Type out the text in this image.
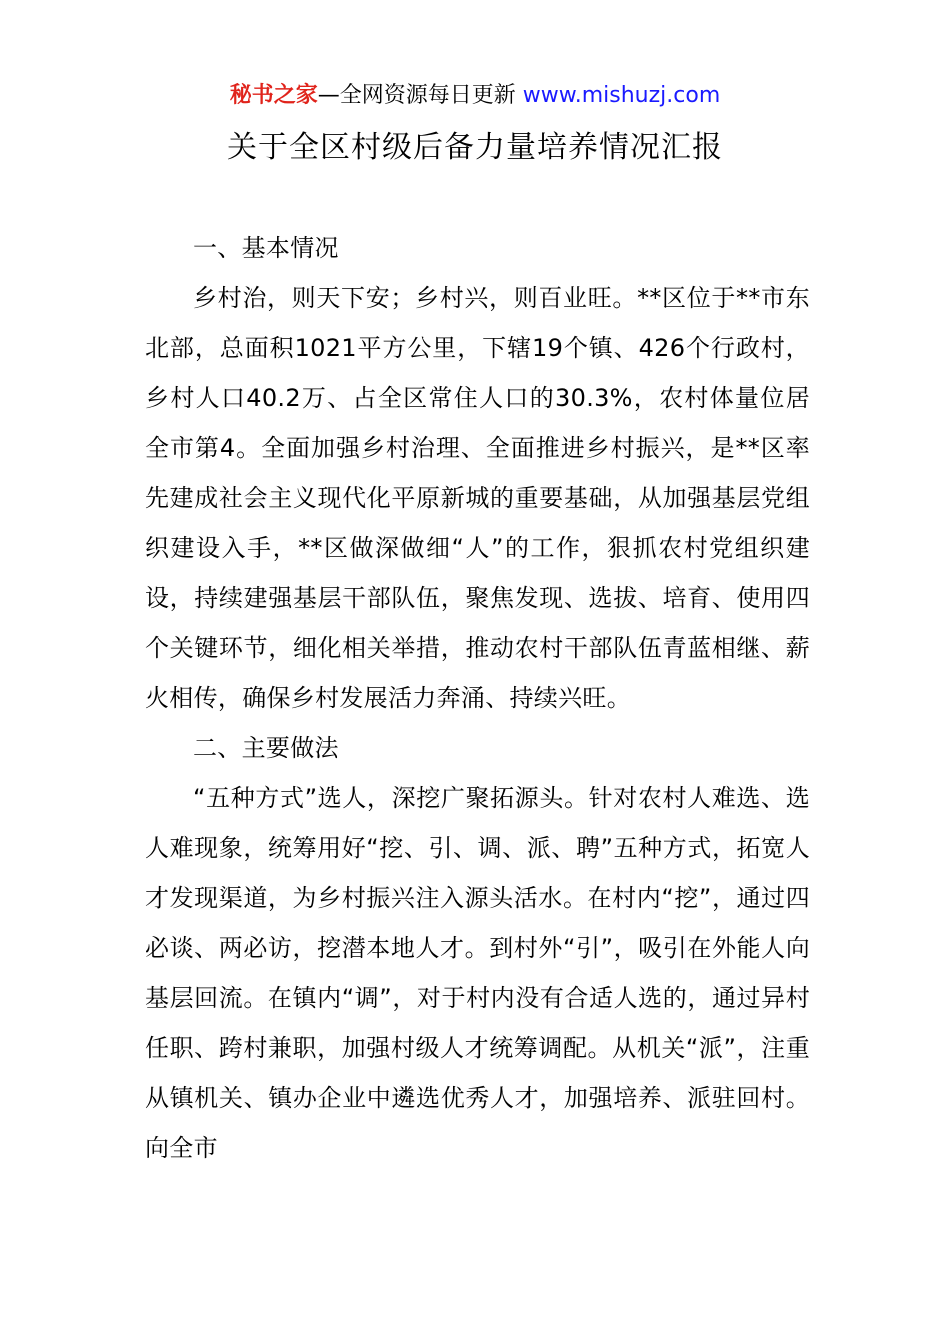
秘书之家—全网资源每日更新 www.mishuzj.com
关于全区村级后备力量培养情况汇报

一、基本情况

乡村治，则天下安；乡村兴，则百业旺。**区位于**市东北部，总面积1021平方公里，下辖19个镇、426个行政村，乡村人口40.2万、占全区常住人口的30.3%，农村体量位居全市第4。全面加强乡村治理、全面推进乡村振兴，是**区率先建成社会主义现代化平原新城的重要基础，从加强基层党组织建设入手，**区做深做细“人”的工作，狠抓农村党组织建设，持续建强基层干部队伍，聚焦发现、选拔、培育、使用四个关键环节，细化相关举措，推动农村干部队伍青蓝相继、薪火相传，确保乡村发展活力奔涌、持续兴旺。

二、主要做法

“五种方式”选人，深挖广聚拓源头。针对农村人难选、选人难现象，统筹用好“挖、引、调、派、聘”五种方式，拓宽人才发现渠道，为乡村振兴注入源头活水。在村内“挖”，通过四必谈、两必访，挖潜本地人才。到村外“引”，吸引在外能人向基层回流。在镇内“调”，对于村内没有合适人选的，通过异村任职、跨村兼职，加强村级人才统筹调配。从机关“派”，注重从镇机关、镇办企业中遴选优秀人才，加强培养、派驻回村。向全市
